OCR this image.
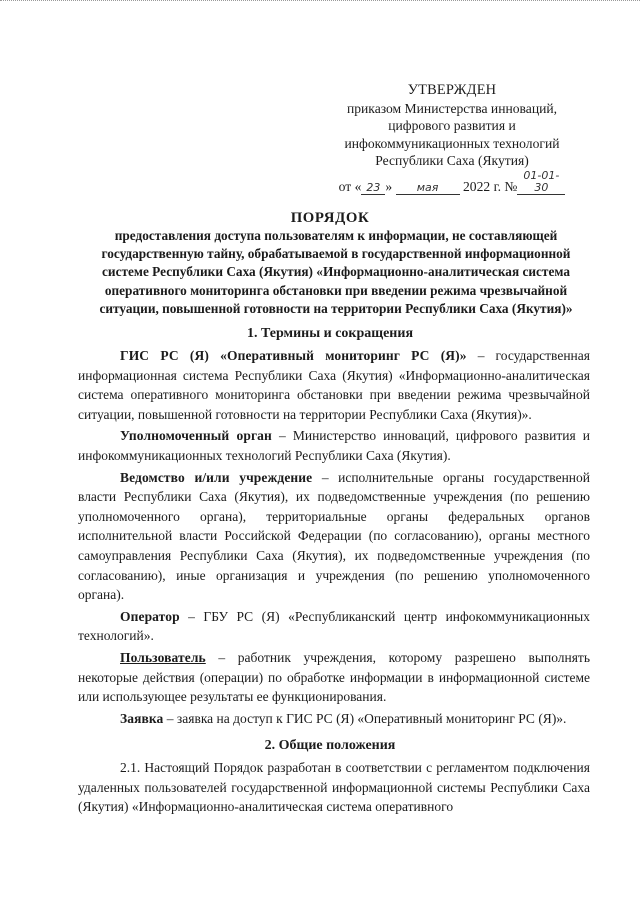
УТВЕРЖДЕН
приказом Министерства инноваций,
цифрового развития и
инфокоммуникационных технологий
Республики Саха (Якутия)
от « 23 » мая 2022 г. №01-01-30
ПОРЯДОК
предоставления доступа пользователям к информации, не составляющей государственную тайну, обрабатываемой в государственной информационной системе Республики Саха (Якутия) «Информационно-аналитическая система оперативного мониторинга обстановки при введении режима чрезвычайной ситуации, повышенной готовности на территории Республики Саха (Якутия)»
1. Термины и сокращения

ГИС РС (Я) «Оперативный мониторинг РС (Я)» – государственная информационная система Республики Саха (Якутия) «Информационно-аналитическая система оперативного мониторинга обстановки при введении режима чрезвычайной ситуации, повышенной готовности на территории Республики Саха (Якутия)».

Уполномоченный орган – Министерство инноваций, цифрового развития и инфокоммуникационных технологий Республики Саха (Якутия).

Ведомство и/или учреждение – исполнительные органы государственной власти Республики Саха (Якутия), их подведомственные учреждения (по решению уполномоченного органа), территориальные органы федеральных органов исполнительной власти Российской Федерации (по согласованию), органы местного самоуправления Республики Саха (Якутия), их подведомственные учреждения (по согласованию), иные организация и учреждения (по решению уполномоченного органа).

Оператор – ГБУ РС (Я) «Республиканский центр инфокоммуникационных технологий».

Пользователь – работник учреждения, которому разрешено выполнять некоторые действия (операции) по обработке информации в информационной системе или использующее результаты ее функционирования.

Заявка – заявка на доступ к ГИС РС (Я) «Оперативный мониторинг РС (Я)».

2. Общие положения

2.1. Настоящий Порядок разработан в соответствии с регламентом подключения удаленных пользователей государственной информационной системы Республики Саха (Якутия) «Информационно-аналитическая система оперативного
